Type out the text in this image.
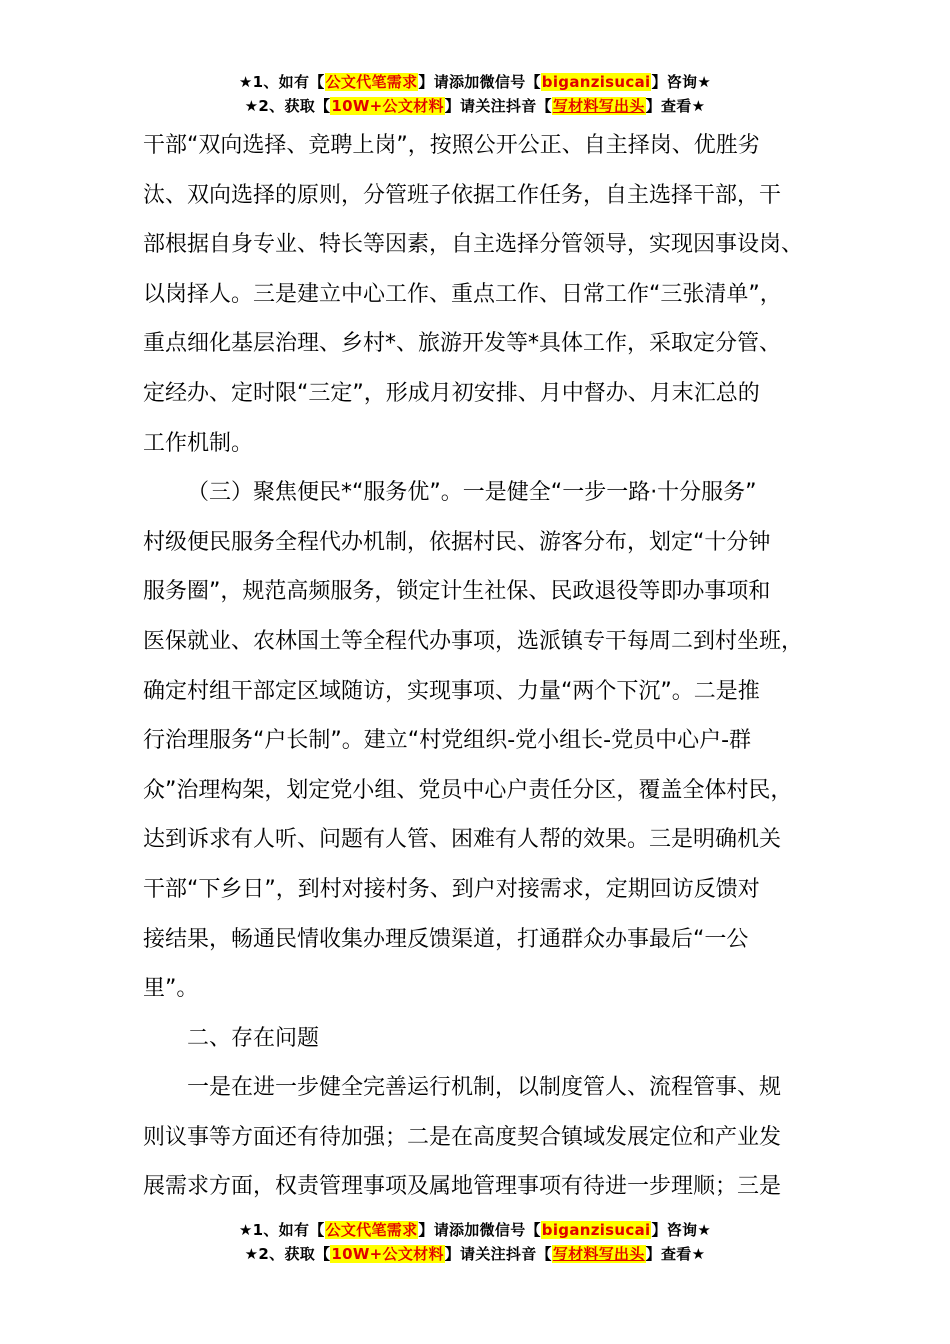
★1、如有【公文代笔需求】请添加微信号【biganzisucai】咨询★
★2、获取【10W+公文材料】请关注抖音【写材料写出头】查看★

干部“双向选择、竞聘上岗”，按照公开公正、自主择岗、优胜劣

汰、双向选择的原则，分管班子依据工作任务，自主选择干部，干

部根据自身专业、特长等因素，自主选择分管领导，实现因事设岗、

以岗择人。三是建立中心工作、重点工作、日常工作“三张清单”，

重点细化基层治理、乡村*、旅游开发等*具体工作，采取定分管、

定经办、定时限“三定”，形成月初安排、月中督办、月末汇总的

工作机制。

（三）聚焦便民*“服务优”。一是健全“一步一路·十分服务”

村级便民服务全程代办机制，依据村民、游客分布，划定“十分钟

服务圈”，规范高频服务，锁定计生社保、民政退役等即办事项和

医保就业、农林国土等全程代办事项，选派镇专干每周二到村坐班，

确定村组干部定区域随访，实现事项、力量“两个下沉”。二是推

行治理服务“户长制”。建立“村党组织-党小组长-党员中心户-群

众”治理构架，划定党小组、党员中心户责任分区，覆盖全体村民，

达到诉求有人听、问题有人管、困难有人帮的效果。三是明确机关

干部“下乡日”，到村对接村务、到户对接需求，定期回访反馈对

接结果，畅通民情收集办理反馈渠道，打通群众办事最后“一公

里”。

二、存在问题

一是在进一步健全完善运行机制，以制度管人、流程管事、规

则议事等方面还有待加强；二是在高度契合镇域发展定位和产业发

展需求方面，权责管理事项及属地管理事项有待进一步理顺；三是

★1、如有【公文代笔需求】请添加微信号【biganzisucai】咨询★
★2、获取【10W+公文材料】请关注抖音【写材料写出头】查看★
